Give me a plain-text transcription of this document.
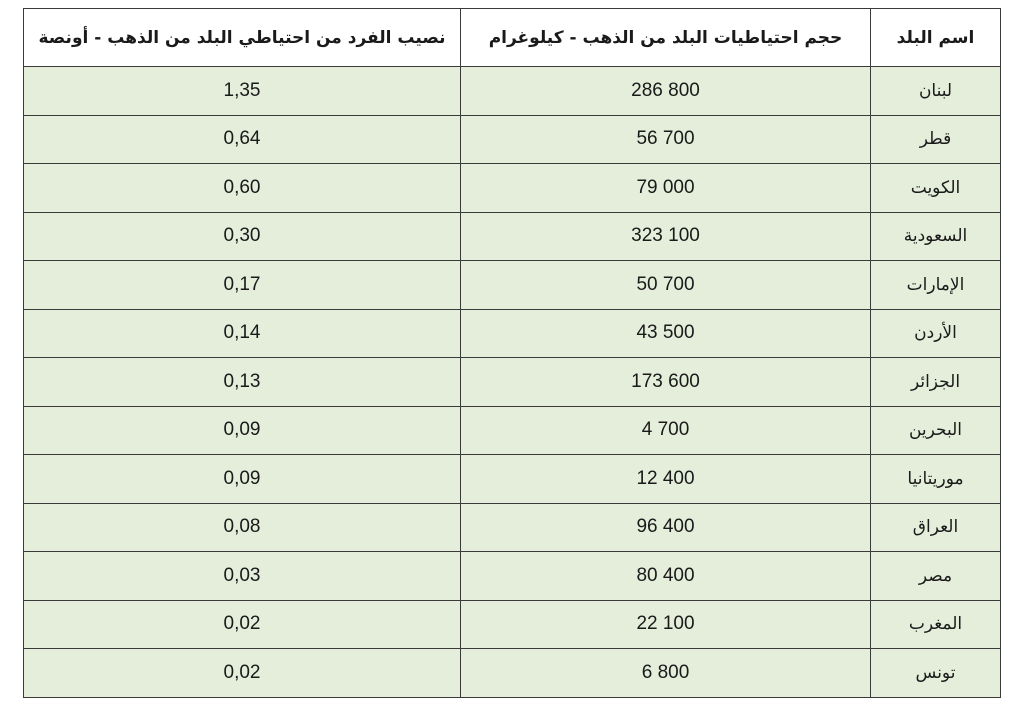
اسم البلد	حجم احتياطيات البلد من الذهب - كيلوغرام	نصيب الفرد من احتياطي البلد من الذهب - أونصة
لبنان	286 800	1,35
قطر	56 700	0,64
الكويت	79 000	0,60
السعودية	323 100	0,30
الإمارات	50 700	0,17
الأردن	43 500	0,14
الجزائر	173 600	0,13
البحرين	4 700	0,09
موريتانيا	12 400	0,09
العراق	96 400	0,08
مصر	80 400	0,03
المغرب	22 100	0,02
تونس	6 800	0,02
